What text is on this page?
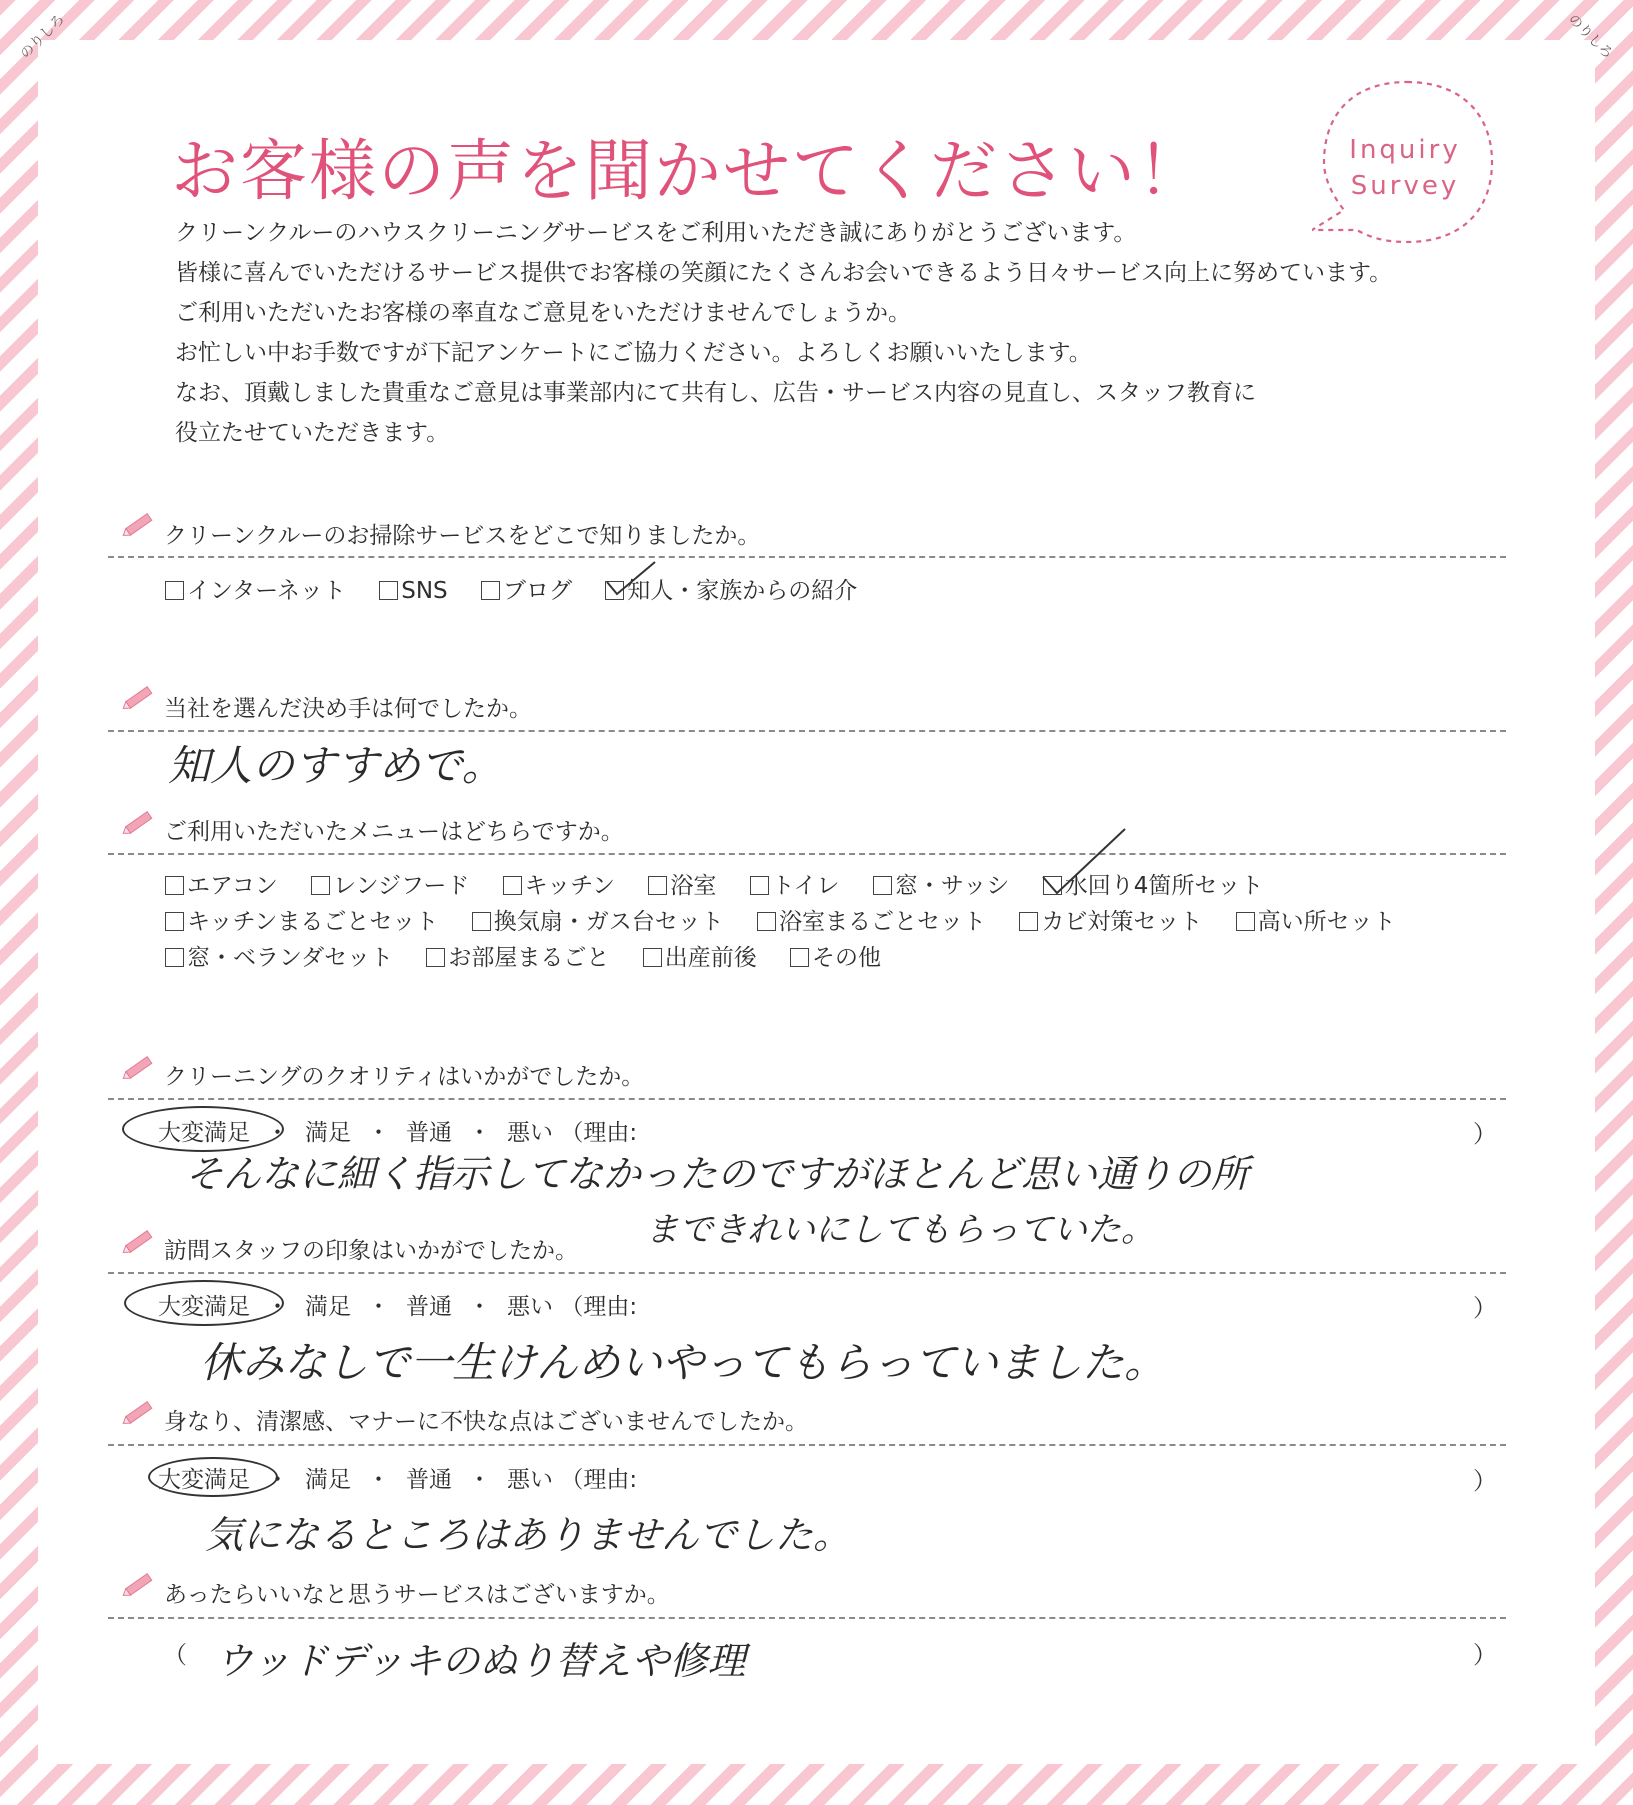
のりしろ	のりしろ
お客様の声を聞かせてください！	Inquiry
Survey
クリーンクルーのハウスクリーニングサービスをご利用いただき誠にありがとうございます。
皆様に喜んでいただけるサービス提供でお客様の笑顔にたくさんお会いできるよう日々サービス向上に努めています。
ご利用いただいたお客様の率直なご意見をいただけませんでしょうか。
お忙しい中お手数ですが下記アンケートにご協力ください。よろしくお願いいたします。
なお、頂戴しました貴重なご意見は事業部内にて共有し、広告・サービス内容の見直し、スタッフ教育に
役立たせていただきます。
クリーンクルーのお掃除サービスをどこで知りましたか。
インターネット SNS ブログ 知人・家族からの紹介
当社を選んだ決め手は何でしたか。
知人のすすめで。
ご利用いただいたメニューはどちらですか。
エアコン レンジフード キッチン 浴室 トイレ 窓・サッシ 水回り4箇所セット
キッチンまるごとセット 換気扇・ガス台セット 浴室まるごとセット カビ対策セット 高い所セット
窓・ベランダセット お部屋まるごと 出産前後 その他
クリーニングのクオリティはいかがでしたか。
大変満足 ・ 満足 ・ 普通 ・ 悪い （理由:	）
そんなに細く指示してなかったのですがほとんど思い通りの所
まできれいにしてもらっていた。
訪問スタッフの印象はいかがでしたか。
大変満足 ・ 満足 ・ 普通 ・ 悪い （理由:	）
休みなしで一生けんめいやってもらっていました。
身なり、清潔感、マナーに不快な点はございませんでしたか。
大変満足 ・ 満足 ・ 普通 ・ 悪い （理由:	）
気になるところはありませんでした。
あったらいいなと思うサービスはございますか。
（ ウッドデッキのぬり替えや修理	）
